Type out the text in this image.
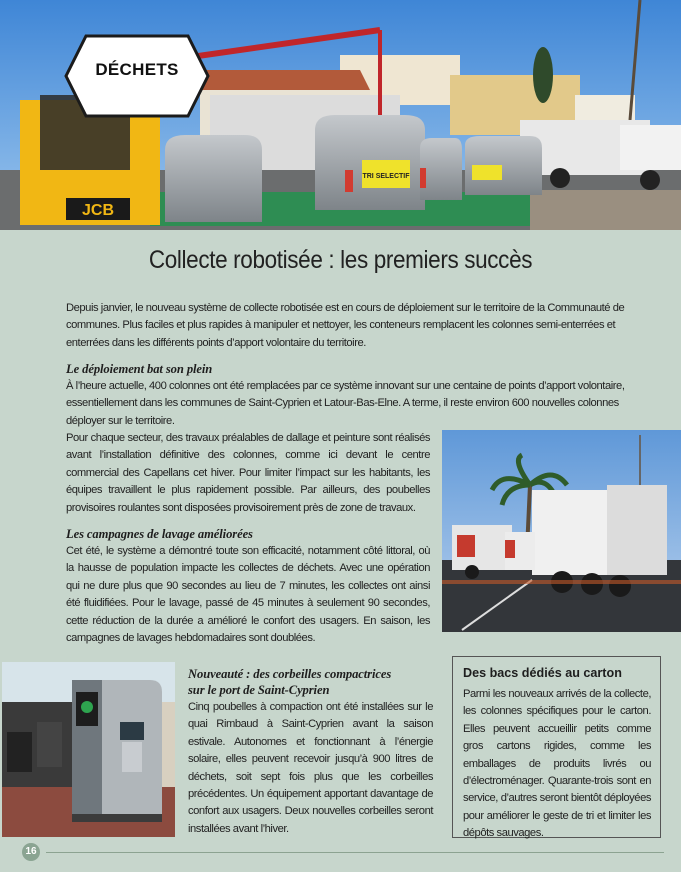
JCB
TRI SELECTIF
DÉCHETS
Collecte robotisée : les premiers succès

Depuis janvier, le nouveau système de collecte robotisée est en cours de déploiement sur le territoire de la Communauté de communes. Plus faciles et plus rapides à manipuler et nettoyer, les conteneurs remplacent les colonnes semi-enterrées et enterrées dans les différents points d’apport volontaire du territoire.

Le déploiement bat son plein

À l’heure actuelle, 400 colonnes ont été remplacées par ce système innovant sur une centaine de points d’apport volontaire, essentiellement dans les communes de Saint-Cyprien et Latour-Bas-Elne. A terme, il reste environ 600 nouvelles colonnes déployer sur le territoire.

Pour chaque secteur, des travaux préalables de dallage et peinture sont réalisés avant l’installation définitive des colonnes, comme ici devant le centre commercial des Capellans cet hiver. Pour limiter l’impact sur les habitants, les équipes travaillent le plus rapidement possible. Par ailleurs, des poubelles provisoires roulantes sont disposées provisoirement près de zone de travaux.

Les campagnes de lavage améliorées

Cet été, le système a démontré toute son efficacité, notamment côté littoral, où la hausse de population impacte les collectes de déchets. Avec une opération qui ne dure plus que 90 secondes au lieu de 7 minutes, les collectes ont ainsi été fluidifiées. Pour le lavage, passé de 45 minutes à seulement 90 secondes, cette réduction de la durée a amélioré le confort des usagers. En saison, les campagnes de lavages hebdomadaires sont doublées.

Nouveauté : des corbeilles compactrices
sur le port de Saint-Cyprien

Cinq poubelles à compaction ont été installées sur le quai Rimbaud à Saint-Cyprien avant la saison estivale. Autonomes et fonctionnant à l’énergie solaire, elles peuvent recevoir jusqu’à 900 litres de déchets, soit sept fois plus que les corbeilles précédentes. Un équipement apportant davantage de confort aux usagers. Deux nouvelles corbeilles seront installées avant l’hiver.

Des bacs dédiés au carton

Parmi les nouveaux arrivés de la collecte, les colonnes spécifiques pour le carton. Elles peuvent accueillir petits comme gros cartons rigides, comme les emballages de produits livrés ou d’électroménager. Quarante-trois sont en service, d’autres seront bientôt déployées pour améliorer le geste de tri et limiter les dépôts sauvages.

16
